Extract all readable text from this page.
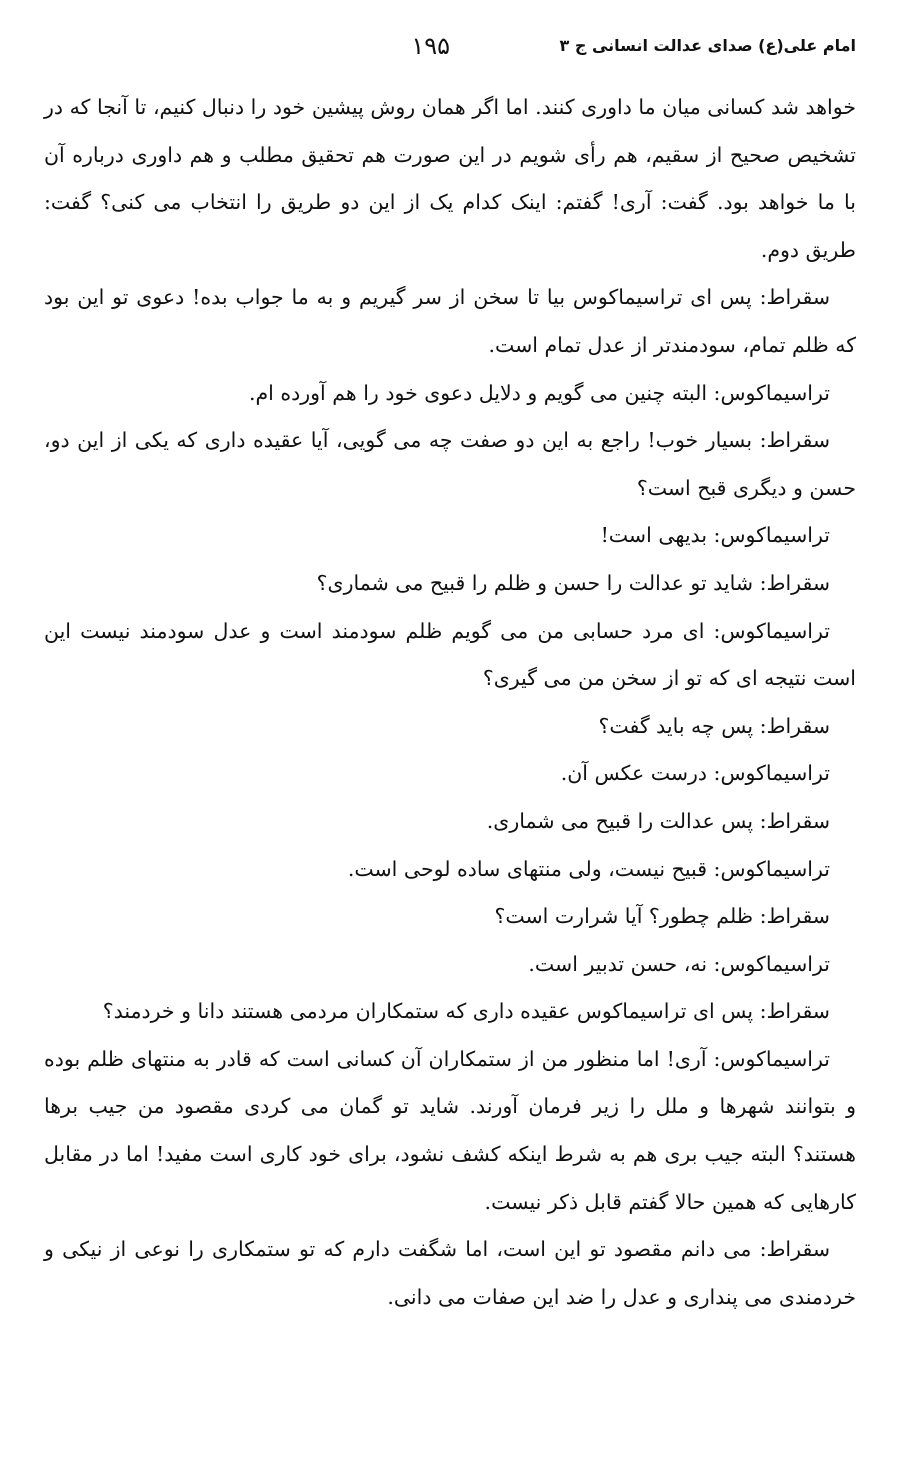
امام علی(ع) صدای عدالت انسانی ج ۳
۱۹۵

خواهد شد کسانی میان ما داوری کنند. اما اگر همان روش پیشین خود را دنبال کنیم، تا آنجا که در تشخیص صحیح از سقیم، هم رأی شویم در این صورت هم تحقیق مطلب و هم داوری درباره آن با ما خواهد بود. گفت: آری! گفتم: اینک کدام یک از این دو طریق را انتخاب می کنی؟ گفت: طریق دوم.

سقراط: پس ای تراسیماکوس بیا تا سخن از سر گیریم و به ما جواب بده! دعوی تو این بود که ظلم تمام، سودمندتر از عدل تمام است.

تراسیماکوس: البته چنین می گویم و دلایل دعوی خود را هم آورده ام.

سقراط: بسیار خوب! راجع به این دو صفت چه می گویی، آیا عقیده داری که یکی از این دو، حسن و دیگری قبح است؟

تراسیماکوس: بدیهی است!

سقراط: شاید تو عدالت را حسن و ظلم را قبیح می شماری؟

تراسیماکوس: ای مرد حسابی من می گویم ظلم سودمند است و عدل سودمند نیست این است نتیجه ای که تو از سخن من می گیری؟

سقراط: پس چه باید گفت؟

تراسیماکوس: درست عکس آن.

سقراط: پس عدالت را قبیح می شماری.

تراسیماکوس: قبیح نیست، ولی منتهای ساده لوحی است.

سقراط: ظلم چطور؟ آیا شرارت است؟

تراسیماکوس: نه، حسن تدبیر است.

سقراط: پس ای تراسیماکوس عقیده داری که ستمکاران مردمی هستند دانا و خردمند؟

تراسیماکوس: آری! اما منظور من از ستمکاران آن کسانی است که قادر به منتهای ظلم بوده و بتوانند شهرها و ملل را زیر فرمان آورند. شاید تو گمان می کردی مقصود من جیب برها هستند؟ البته جیب بری هم به شرط اینکه کشف نشود، برای خود کاری است مفید! اما در مقابل کارهایی که همین حالا گفتم قابل ذکر نیست.

سقراط: می دانم مقصود تو این است، اما شگفت دارم که تو ستمکاری را نوعی از نیکی و خردمندی می پنداری و عدل را ضد این صفات می دانی.
